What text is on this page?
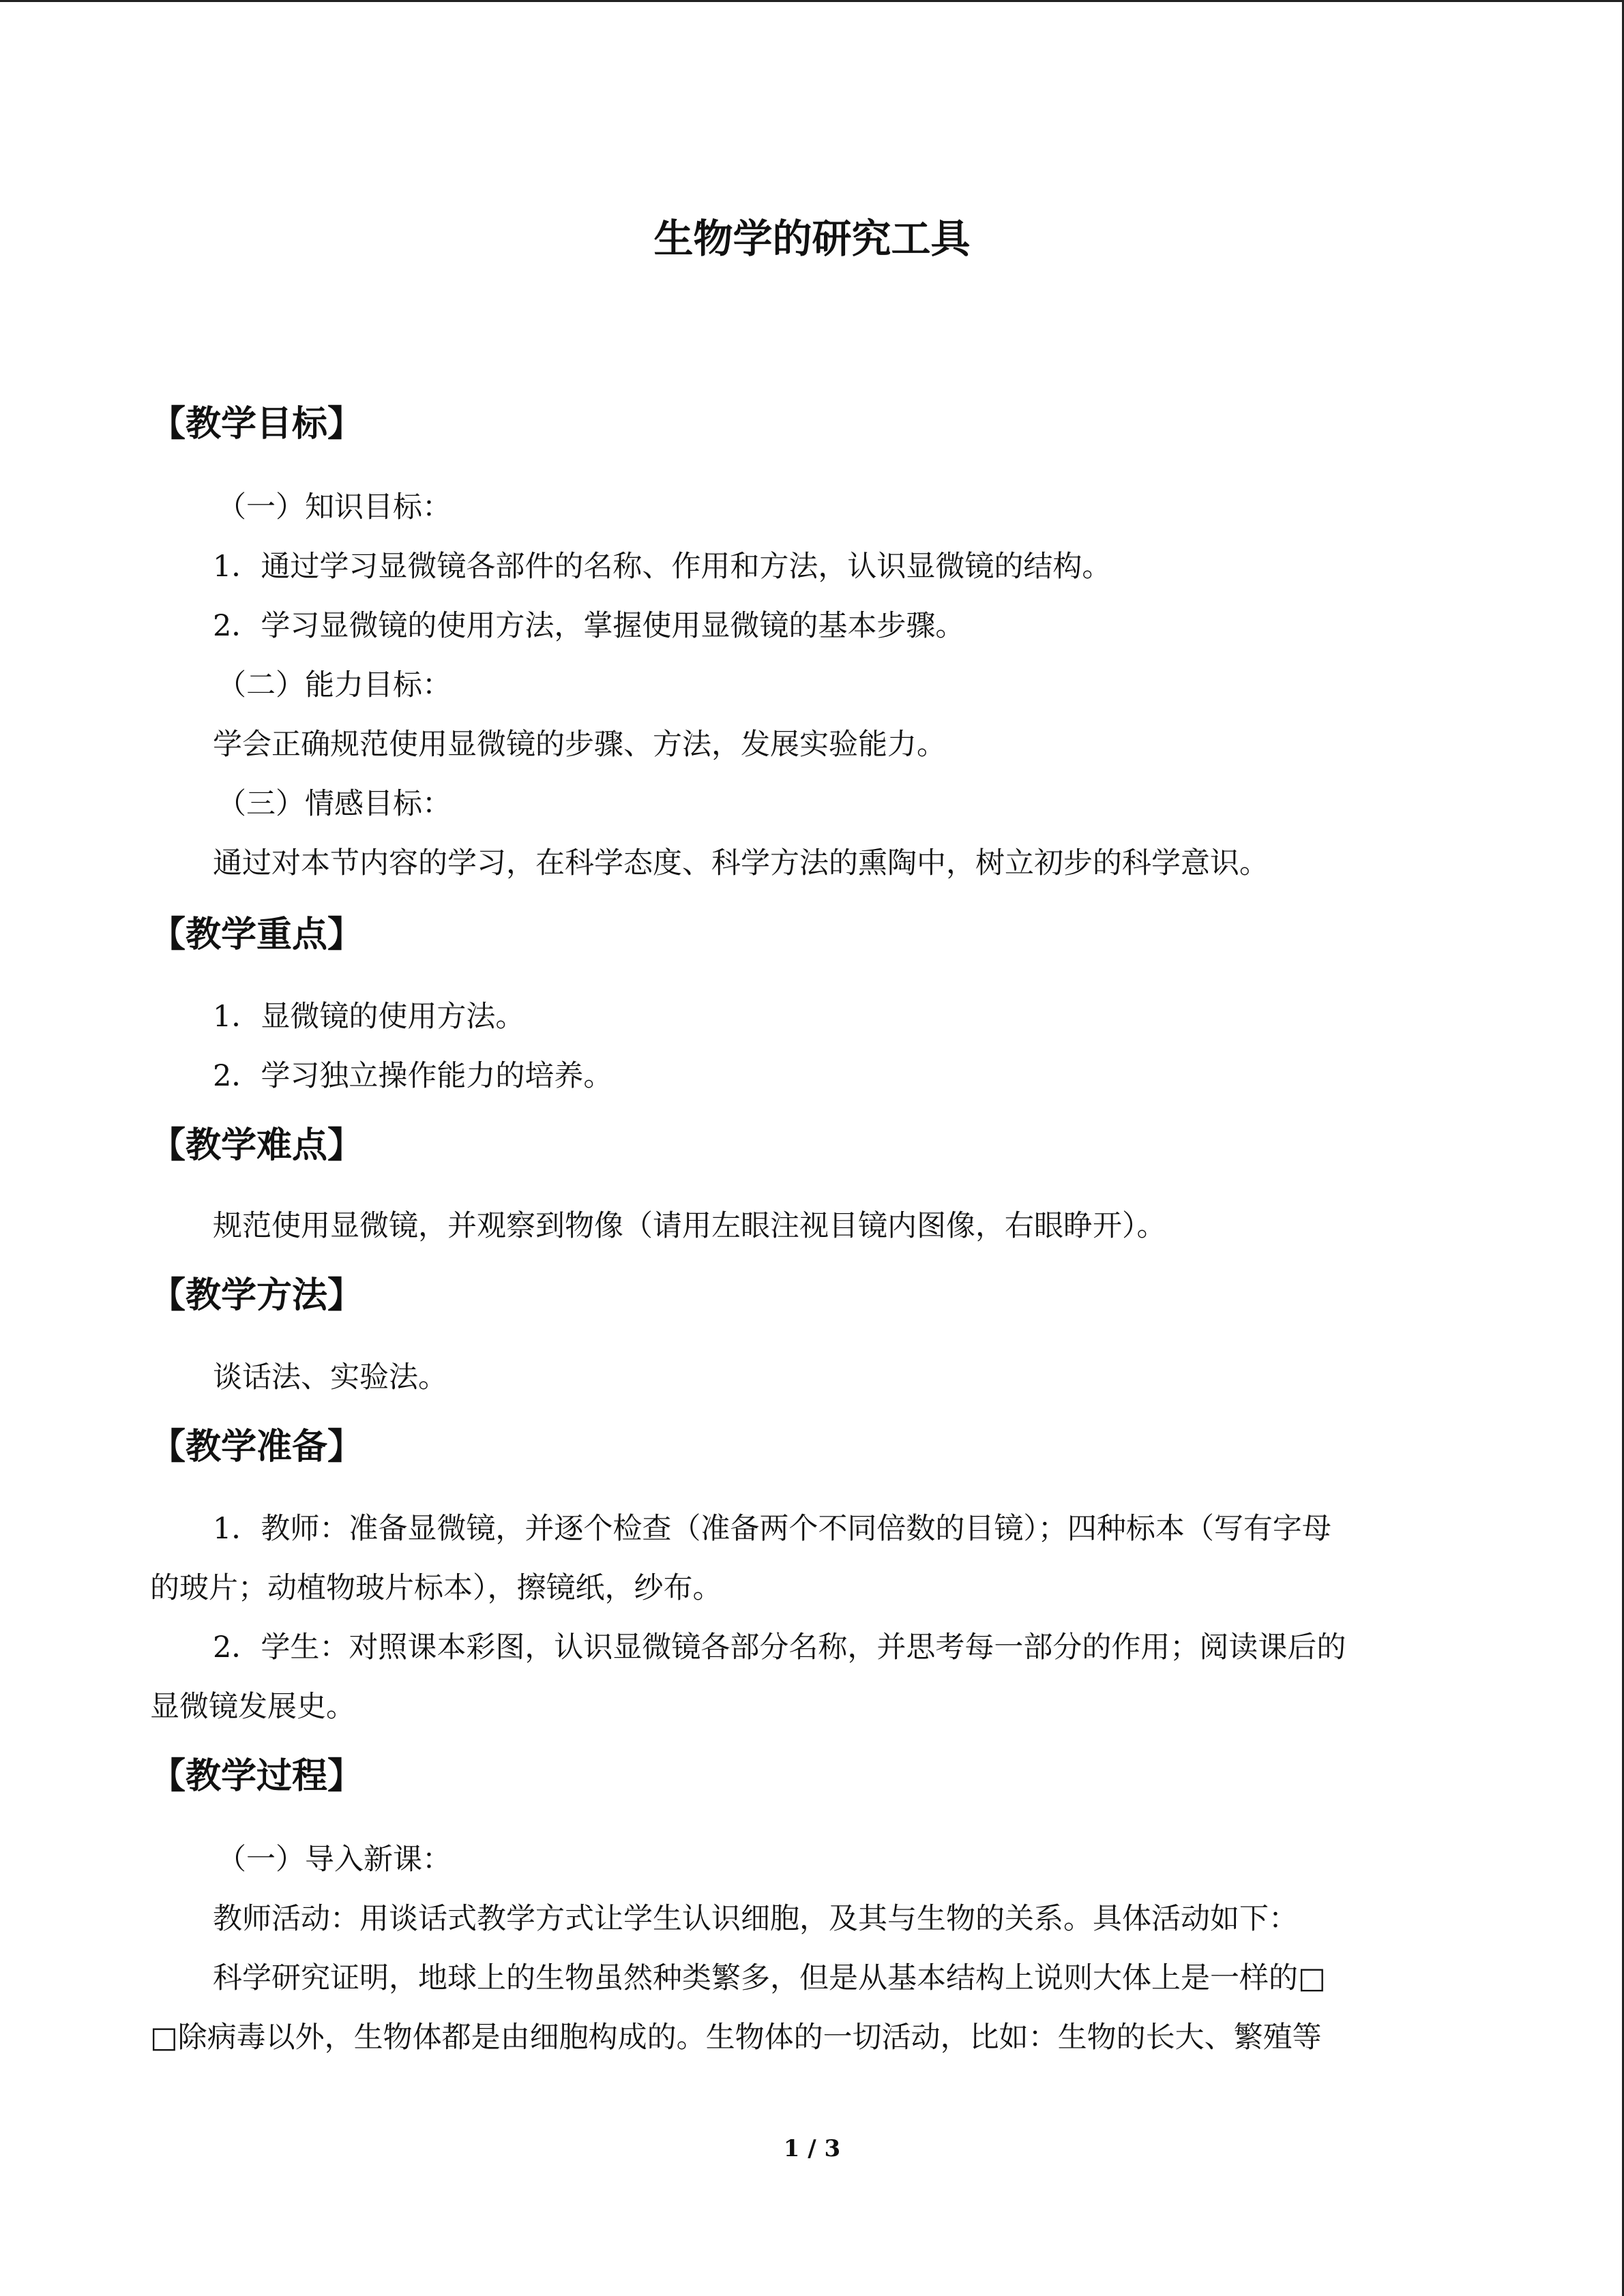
生物学的研究工具
【教学目标】
（一）知识目标：
1．通过学习显微镜各部件的名称、作用和方法，认识显微镜的结构。
2．学习显微镜的使用方法，掌握使用显微镜的基本步骤。
（二）能力目标：
学会正确规范使用显微镜的步骤、方法，发展实验能力。
（三）情感目标：
通过对本节内容的学习，在科学态度、科学方法的熏陶中，树立初步的科学意识。
【教学重点】
1．显微镜的使用方法。
2．学习独立操作能力的培养。
【教学难点】
规范使用显微镜，并观察到物像（请用左眼注视目镜内图像，右眼睁开）。
【教学方法】
谈话法、实验法。
【教学准备】
1．教师：准备显微镜，并逐个检查（准备两个不同倍数的目镜）；四种标本（写有字母
的玻片；动植物玻片标本），擦镜纸，纱布。
2．学生：对照课本彩图，认识显微镜各部分名称，并思考每一部分的作用；阅读课后的
显微镜发展史。
【教学过程】
（一）导入新课：
教师活动：用谈话式教学方式让学生认识细胞，及其与生物的关系。具体活动如下：
科学研究证明，地球上的生物虽然种类繁多，但是从基本结构上说则大体上是一样的□
□除病毒以外，生物体都是由细胞构成的。生物体的一切活动，比如：生物的长大、繁殖等
1 / 3
